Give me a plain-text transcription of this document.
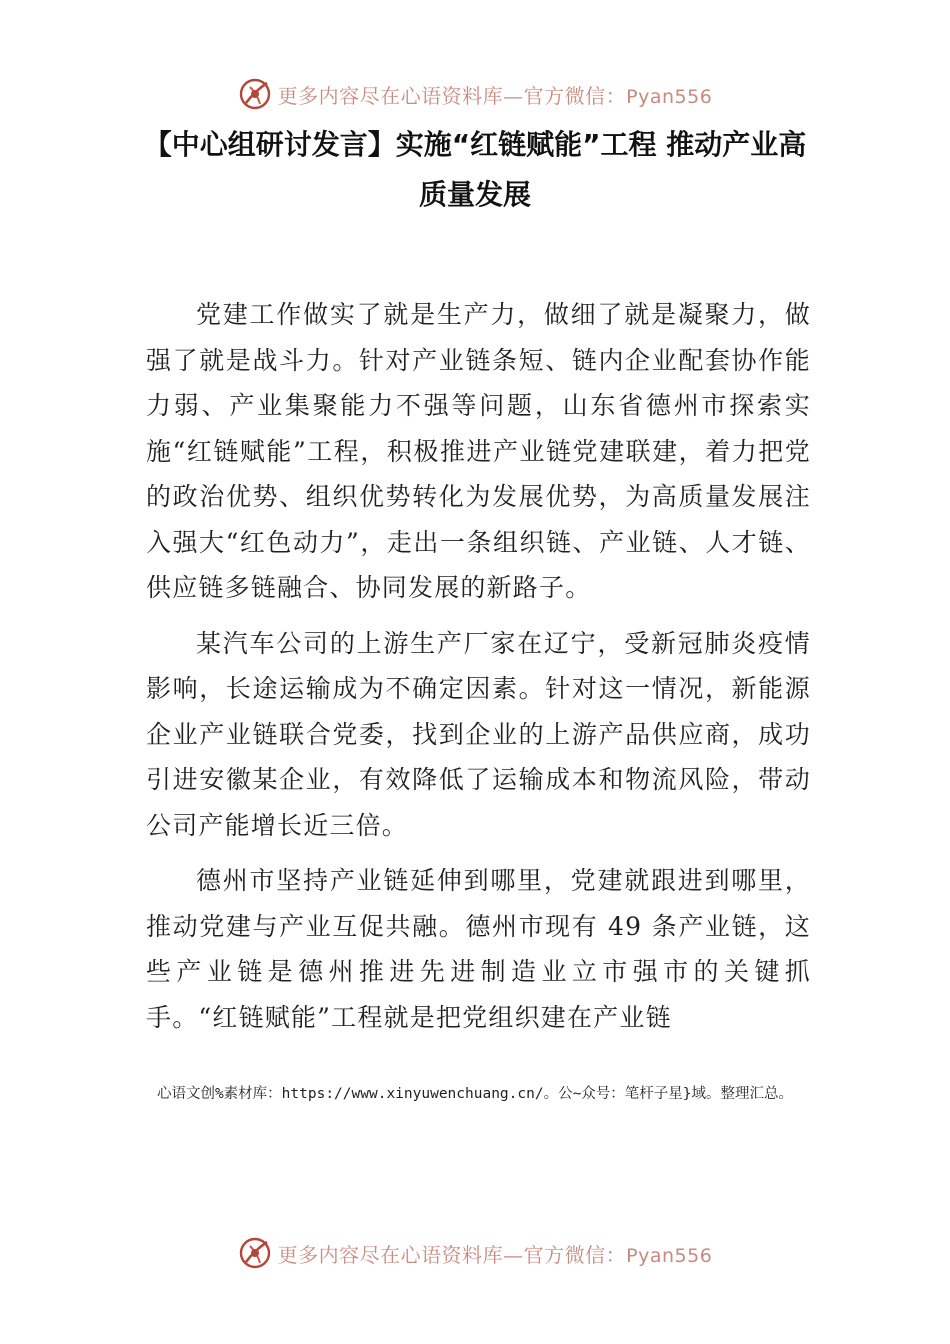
更多内容尽在心语资料库—官方微信：Pyan556
【中心组研讨发言】实施“红链赋能”工程 推动产业高质量发展

党建工作做实了就是生产力，做细了就是凝聚力，做强了就是战斗力。针对产业链条短、链内企业配套协作能力弱、产业集聚能力不强等问题，山东省德州市探索实施“红链赋能”工程，积极推进产业链党建联建，着力把党的政治优势、组织优势转化为发展优势，为高质量发展注入强大“红色动力”，走出一条组织链、产业链、人才链、供应链多链融合、协同发展的新路子。

某汽车公司的上游生产厂家在辽宁，受新冠肺炎疫情影响，长途运输成为不确定因素。针对这一情况，新能源企业产业链联合党委，找到企业的上游产品供应商，成功引进安徽某企业，有效降低了运输成本和物流风险，带动公司产能增长近三倍。

德州市坚持产业链延伸到哪里，党建就跟进到哪里，推动党建与产业互促共融。德州市现有 49 条产业链，这些产业链是德州推进先进制造业立市强市的关键抓手。“红链赋能”工程就是把党组织建在产业链

心语文创%素材库：https://www.xinyuwenchuang.cn/。公~众号：笔杆子星}域。整理汇总。
更多内容尽在心语资料库—官方微信：Pyan556
